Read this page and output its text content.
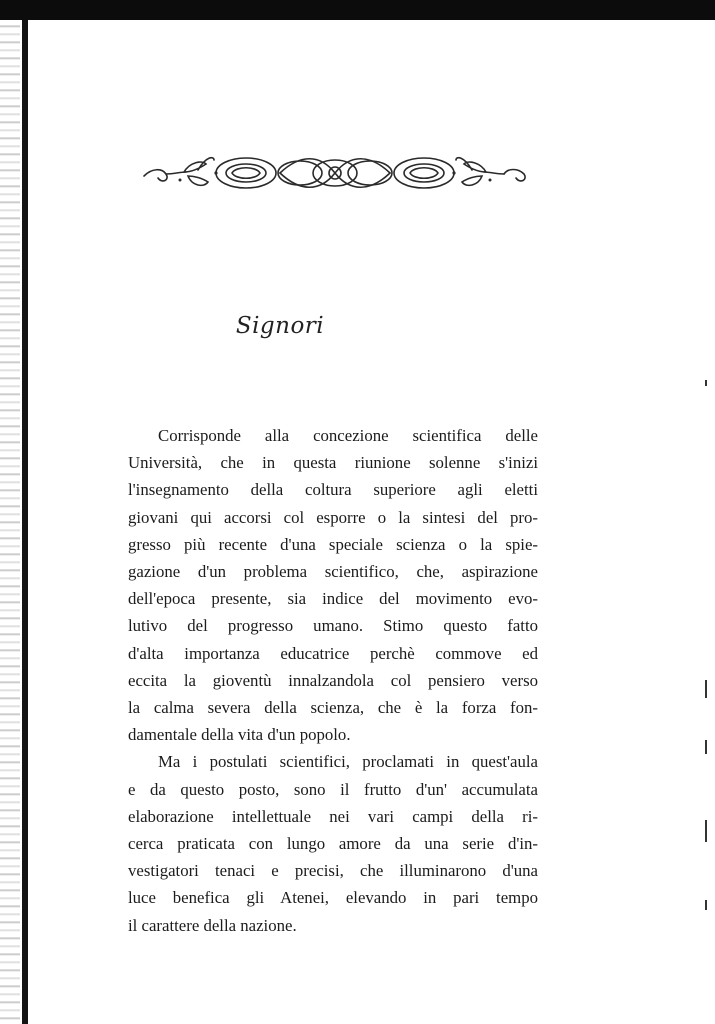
Signori
Corrisponde alla concezione scientifica delle
Università, che in questa riunione solenne s'inizi
l'insegnamento della coltura superiore agli eletti
giovani qui accorsi col esporre o la sintesi del pro-
gresso più recente d'una speciale scienza o la spie-
gazione d'un problema scientifico, che, aspirazione
dell'epoca presente, sia indice del movimento evo-
lutivo del progresso umano. Stimo questo fatto
d'alta importanza educatrice perchè commove ed
eccita la gioventù innalzandola col pensiero verso
la calma severa della scienza, che è la forza fon-
damentale della vita d'un popolo.
Ma i postulati scientifici, proclamati in quest'aula
e da questo posto, sono il frutto d'un' accumulata
elaborazione intellettuale nei vari campi della ri-
cerca praticata con lungo amore da una serie d'in-
vestigatori tenaci e precisi, che illuminarono d'una
luce benefica gli Atenei, elevando in pari tempo
il carattere della nazione.
